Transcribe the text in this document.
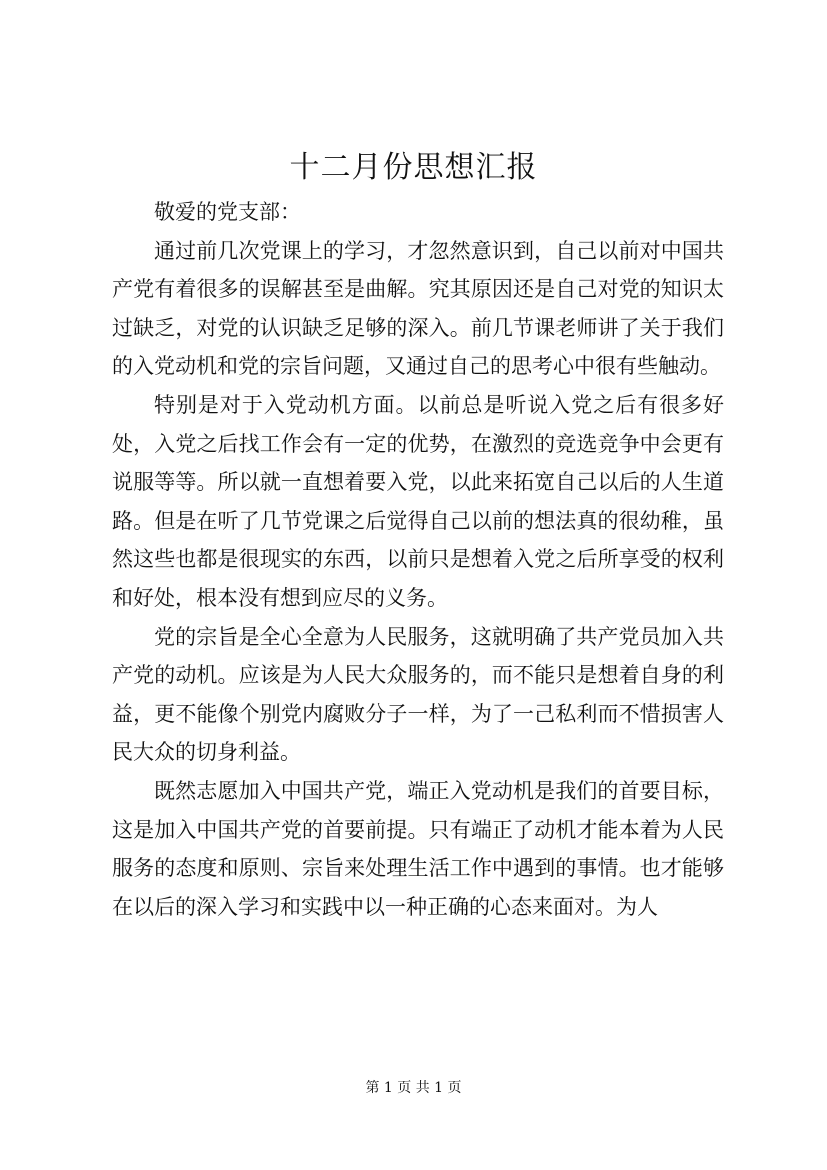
十二月份思想汇报

敬爱的党支部：

通过前几次党课上的学习，才忽然意识到，自己以前对中国共产党有着很多的误解甚至是曲解。究其原因还是自己对党的知识太过缺乏，对党的认识缺乏足够的深入。前几节课老师讲了关于我们的入党动机和党的宗旨问题，又通过自己的思考心中很有些触动。

特别是对于入党动机方面。以前总是听说入党之后有很多好处，入党之后找工作会有一定的优势，在激烈的竞选竞争中会更有说服等等。所以就一直想着要入党，以此来拓宽自己以后的人生道路。但是在听了几节党课之后觉得自己以前的想法真的很幼稚，虽然这些也都是很现实的东西，以前只是想着入党之后所享受的权利和好处，根本没有想到应尽的义务。

党的宗旨是全心全意为人民服务，这就明确了共产党员加入共产党的动机。应该是为人民大众服务的，而不能只是想着自身的利益，更不能像个别党内腐败分子一样，为了一己私利而不惜损害人民大众的切身利益。

既然志愿加入中国共产党，端正入党动机是我们的首要目标，这是加入中国共产党的首要前提。只有端正了动机才能本着为人民服务的态度和原则、宗旨来处理生活工作中遇到的事情。也才能够在以后的深入学习和实践中以一种正确的心态来面对。为人

第 1 页 共 1 页
